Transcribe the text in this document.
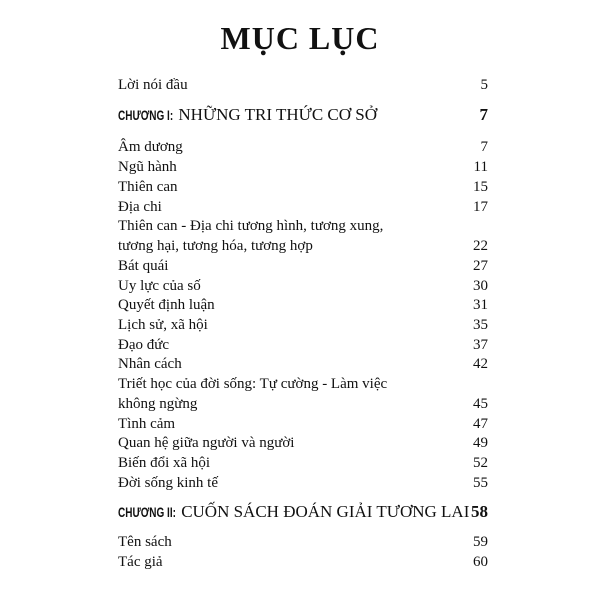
MỤC LỤC
Lời nói đầu	5
CHƯƠNG I: NHỮNG TRI THỨC CƠ SỞ	7
Âm dương	7
Ngũ hành	11
Thiên can	15
Địa chi	17
Thiên can - Địa chi tương hình, tương xung,
tương hại, tương hóa, tương hợp	22
Bát quái	27
Uy lực của số	30
Quyết định luận	31
Lịch sử, xã hội	35
Đạo đức	37
Nhân cách	42
Triết học của đời sống: Tự cường - Làm việc
không ngừng	45
Tình cảm	47
Quan hệ giữa người và người	49
Biến đổi xã hội	52
Đời sống kinh tế	55
CHƯƠNG II: CUỐN SÁCH ĐOÁN GIẢI TƯƠNG LAI 58
Tên sách	59
Tác giả	60
